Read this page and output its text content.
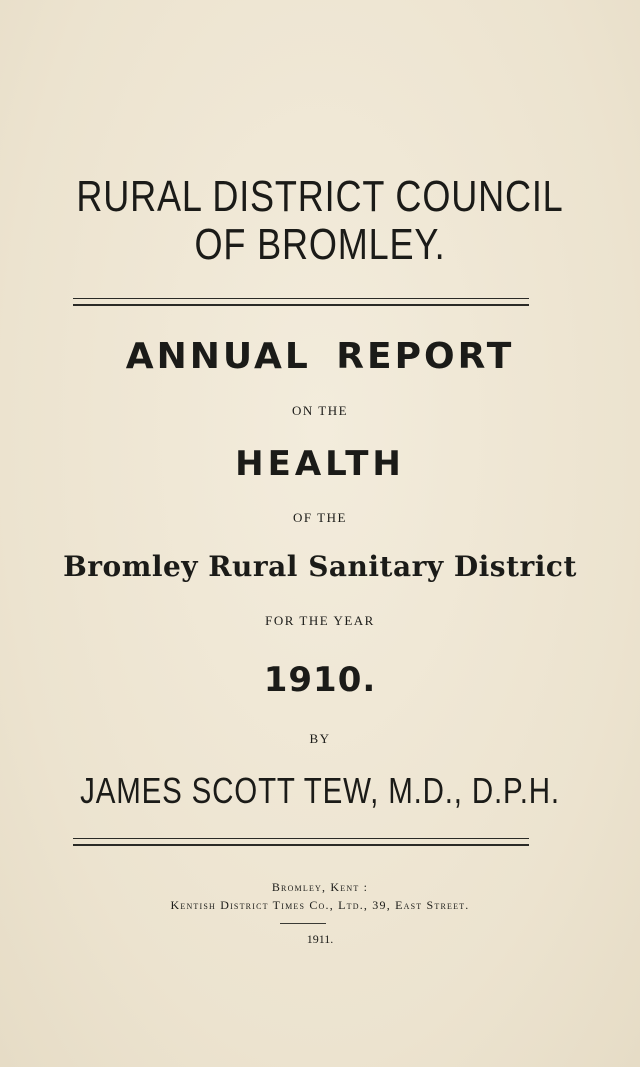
RURAL DISTRICT COUNCIL
OF BROMLEY.
ANNUAL REPORT
ON THE
HEALTH
OF THE
Bromley Rural Sanitary District
FOR THE YEAR
1910.
BY
JAMES SCOTT TEW, M.D., D.P.H.
Bromley, Kent :
Kentish District Times Co., Ltd., 39, East Street.
1911.
